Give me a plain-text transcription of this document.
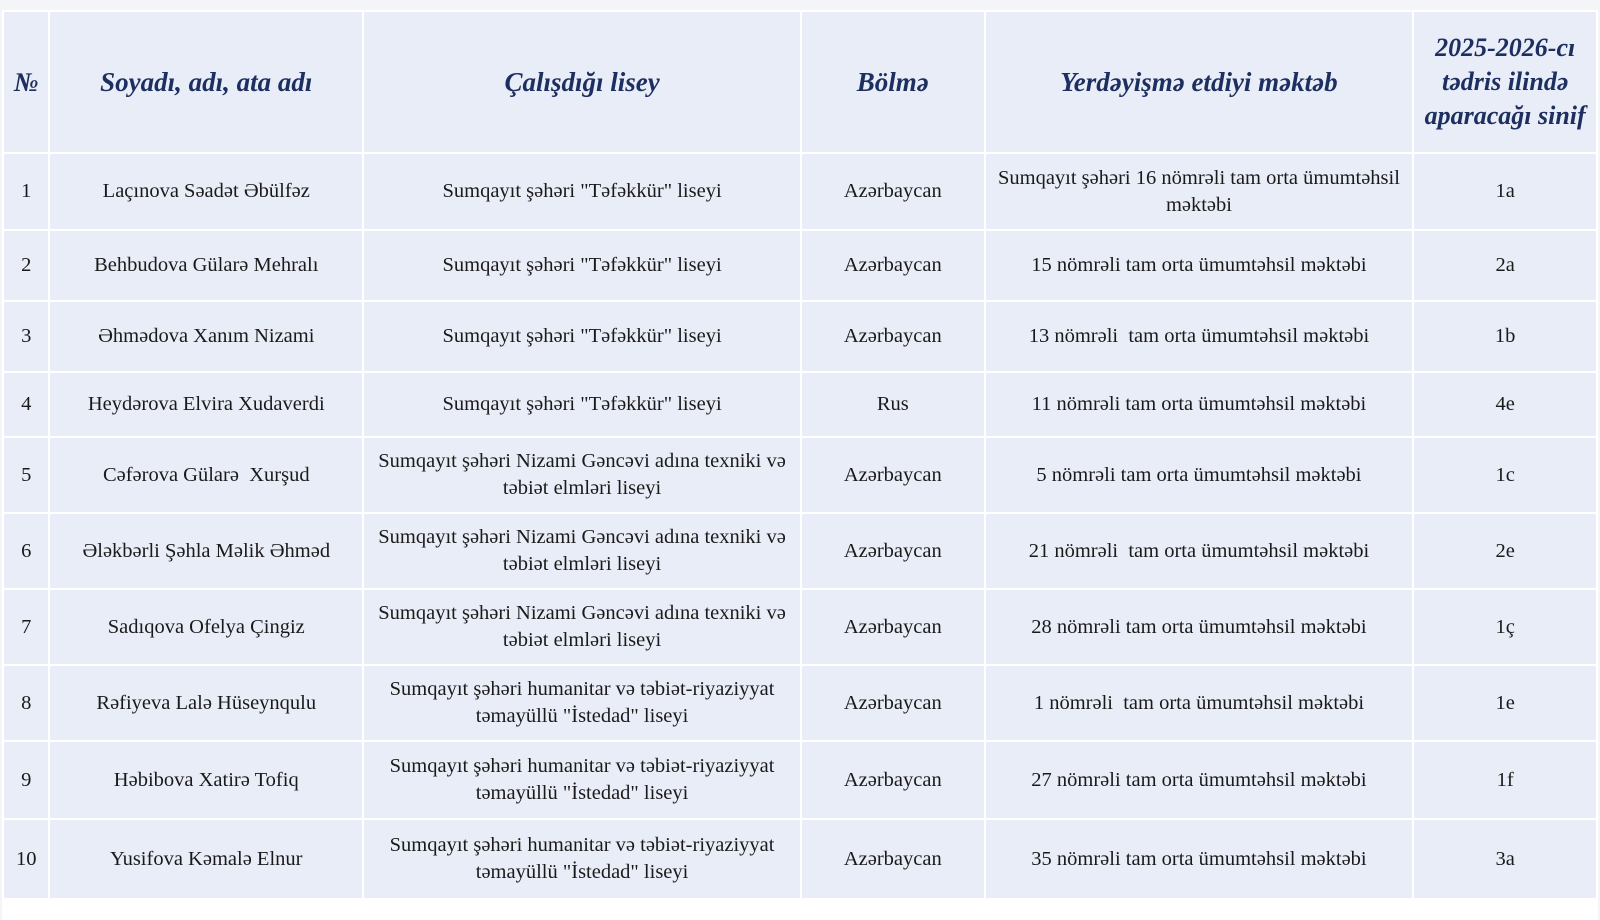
№	Soyadı, adı, ata adı	Çalışdığı lisey	Bölmə	Yerdəyişmə etdiyi məktəb	2025-2026-cı tədris ilində aparacağı sinif
1	Laçınova Səadət Əbülfəz	Sumqayıt şəhəri "Təfəkkür" liseyi	Azərbaycan	Sumqayıt şəhəri 16 nömrəli tam orta ümumtəhsil məktəbi	1a
2	Behbudova Gülarə Mehralı	Sumqayıt şəhəri "Təfəkkür" liseyi	Azərbaycan	15 nömrəli tam orta ümumtəhsil məktəbi	2a
3	Əhmədova Xanım Nizami	Sumqayıt şəhəri "Təfəkkür" liseyi	Azərbaycan	13 nömrəli  tam orta ümumtəhsil məktəbi	1b
4	Heydərova Elvira Xudaverdi	Sumqayıt şəhəri "Təfəkkür" liseyi	Rus	11 nömrəli tam orta ümumtəhsil məktəbi	4e
5	Cəfərova Gülarə  Xurşud	Sumqayıt şəhəri Nizami Gəncəvi adına texniki və təbiət elmləri liseyi	Azərbaycan	5 nömrəli tam orta ümumtəhsil məktəbi	1c
6	Ələkbərli Şəhla Məlik Əhməd	Sumqayıt şəhəri Nizami Gəncəvi adına texniki və təbiət elmləri liseyi	Azərbaycan	21 nömrəli  tam orta ümumtəhsil məktəbi	2e
7	Sadıqova Ofelya Çingiz	Sumqayıt şəhəri Nizami Gəncəvi adına texniki və təbiət elmləri liseyi	Azərbaycan	28 nömrəli tam orta ümumtəhsil məktəbi	1ç
8	Rəfiyeva Lalə Hüseynqulu	Sumqayıt şəhəri humanitar və təbiət-riyaziyyat təmayüllü "İstedad" liseyi	Azərbaycan	1 nömrəli  tam orta ümumtəhsil məktəbi	1e
9	Həbibova Xatirə Tofiq	Sumqayıt şəhəri humanitar və təbiət-riyaziyyat təmayüllü "İstedad" liseyi	Azərbaycan	27 nömrəli tam orta ümumtəhsil məktəbi	1f
10	Yusifova Kəmalə Elnur	Sumqayıt şəhəri humanitar və təbiət-riyaziyyat təmayüllü "İstedad" liseyi	Azərbaycan	35 nömrəli tam orta ümumtəhsil məktəbi	3a
